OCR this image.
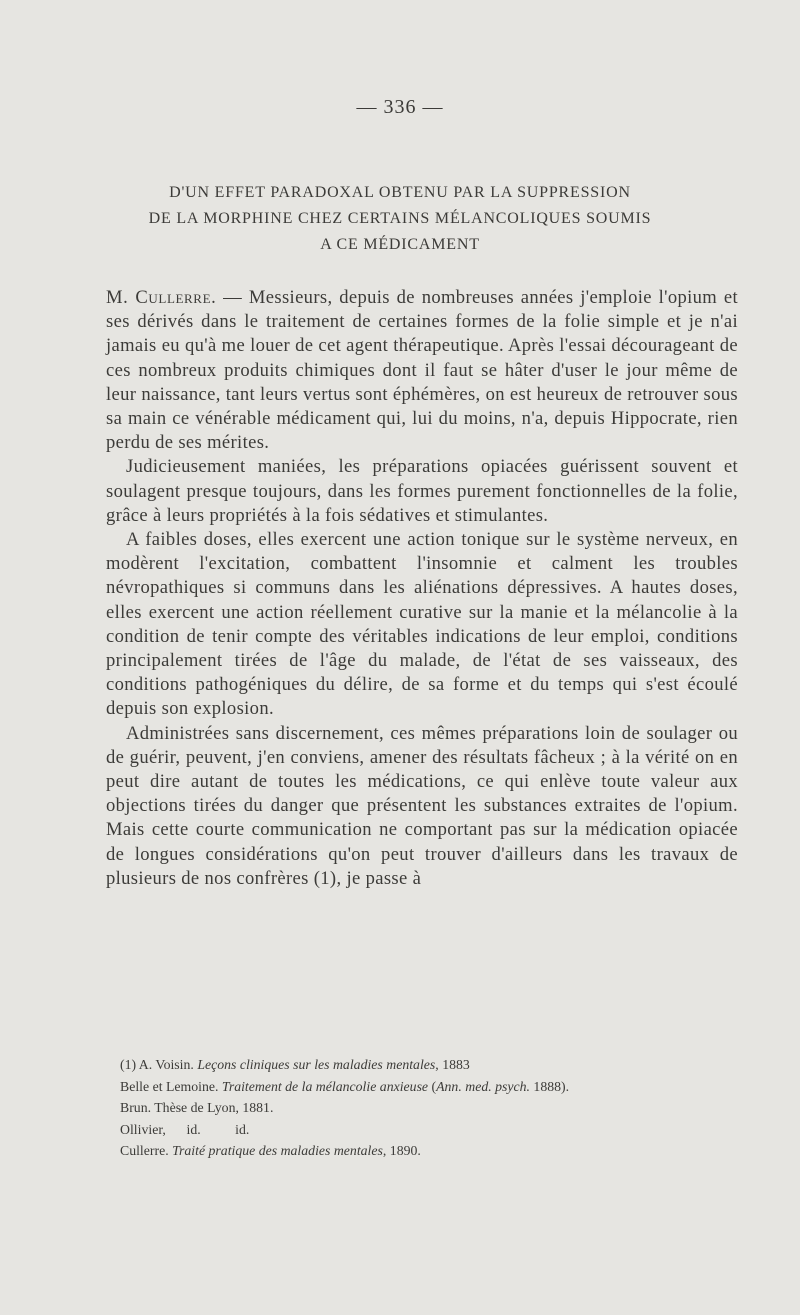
— 336 —
D'UN EFFET PARADOXAL OBTENU PAR LA SUPPRESSION
DE LA MORPHINE CHEZ CERTAINS MÉLANCOLIQUES SOUMIS
A CE MÉDICAMENT

M. Cullerre. — Messieurs, depuis de nombreuses années j'emploie l'opium et ses dérivés dans le traitement de certaines formes de la folie simple et je n'ai jamais eu qu'à me louer de cet agent thérapeutique. Après l'essai décourageant de ces nombreux produits chimiques dont il faut se hâter d'user le jour même de leur naissance, tant leurs vertus sont éphémères, on est heureux de retrouver sous sa main ce vénérable médicament qui, lui du moins, n'a, depuis Hippocrate, rien perdu de ses mérites.

Judicieusement maniées, les préparations opiacées guérissent souvent et soulagent presque toujours, dans les formes purement fonctionnelles de la folie, grâce à leurs propriétés à la fois sédatives et stimulantes.

A faibles doses, elles exercent une action tonique sur le système nerveux, en modèrent l'excitation, combattent l'insomnie et calment les troubles névropathiques si communs dans les aliénations dépressives. A hautes doses, elles exercent une action réellement curative sur la manie et la mélancolie à la condition de tenir compte des véritables indications de leur emploi, conditions principalement tirées de l'âge du malade, de l'état de ses vaisseaux, des conditions pathogéniques du délire, de sa forme et du temps qui s'est écoulé depuis son explosion.

Administrées sans discernement, ces mêmes préparations loin de soulager ou de guérir, peuvent, j'en conviens, amener des résultats fâcheux ; à la vérité on en peut dire autant de toutes les médications, ce qui enlève toute valeur aux objections tirées du danger que présentent les substances extraites de l'opium. Mais cette courte communication ne comportant pas sur la médication opiacée de longues considérations qu'on peut trouver d'ailleurs dans les travaux de plusieurs de nos confrères (1), je passe à

(1) A. Voisin. Leçons cliniques sur les maladies mentales, 1883
Belle et Lemoine. Traitement de la mélancolie anxieuse (Ann. med. psych. 1888).
Brun. Thèse de Lyon, 1881.
Ollivier,      id.          id.
Cullerre. Traité pratique des maladies mentales, 1890.
